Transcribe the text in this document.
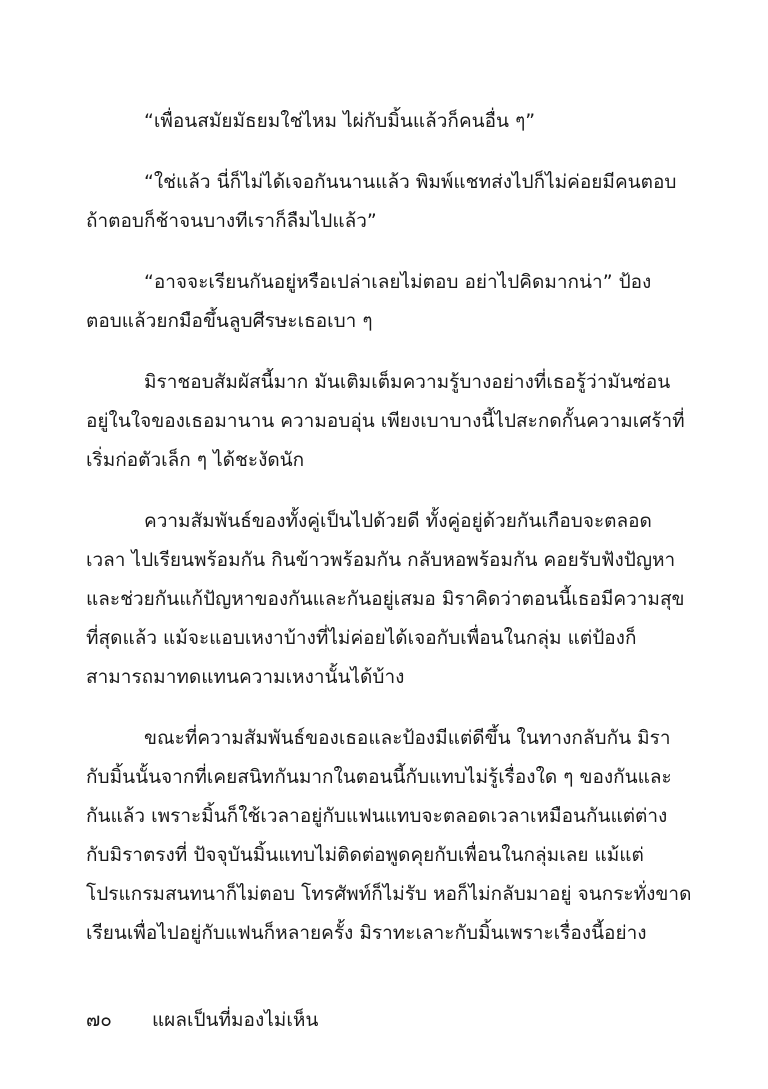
“เพื่อนสมัยมัธยมใช่ไหม ไผ่กับมิ้นแล้วก็คนอื่น ๆ”

“ใช่แล้ว นี่ก็ไม่ได้เจอกันนานแล้ว พิมพ์แชทส่งไปก็ไม่ค่อยมีคนตอบ
ถ้าตอบก็ช้าจนบางทีเราก็ลืมไปแล้ว”

“อาจจะเรียนกันอยู่หรือเปล่าเลยไม่ตอบ อย่าไปคิดมากน่า” ป้อง
ตอบแล้วยกมือขึ้นลูบศีรษะเธอเบา ๆ

มิราชอบสัมผัสนี้มาก มันเติมเต็มความรู้บางอย่างที่เธอรู้ว่ามันซ่อน
อยู่ในใจของเธอมานาน ความอบอุ่น เพียงเบาบางนี้ไปสะกดกั้นความเศร้าที่
เริ่มก่อตัวเล็ก ๆ ได้ชะงัดนัก

ความสัมพันธ์ของทั้งคู่เป็นไปด้วยดี ทั้งคู่อยู่ด้วยกันเกือบจะตลอด
เวลา ไปเรียนพร้อมกัน กินข้าวพร้อมกัน กลับหอพร้อมกัน คอยรับฟังปัญหา
และช่วยกันแก้ปัญหาของกันและกันอยู่เสมอ มิราคิดว่าตอนนี้เธอมีความสุข
ที่สุดแล้ว แม้จะแอบเหงาบ้างที่ไม่ค่อยได้เจอกับเพื่อนในกลุ่ม แต่ป้องก็
สามารถมาทดแทนความเหงานั้นได้บ้าง

ขณะที่ความสัมพันธ์ของเธอและป้องมีแต่ดีขึ้น ในทางกลับกัน มิรา
กับมิ้นนั้นจากที่เคยสนิทกันมากในตอนนี้กับแทบไม่รู้เรื่องใด ๆ ของกันและ
กันแล้ว เพราะมิ้นก็ใช้เวลาอยู่กับแฟนแทบจะตลอดเวลาเหมือนกันแต่ต่าง
กับมิราตรงที่ ปัจจุบันมิ้นแทบไม่ติดต่อพูดคุยกับเพื่อนในกลุ่มเลย แม้แต่
โปรแกรมสนทนาก็ไม่ตอบ โทรศัพท์ก็ไม่รับ หอก็ไม่กลับมาอยู่ จนกระทั่งขาด
เรียนเพื่อไปอยู่กับแฟนก็หลายครั้ง มิราทะเลาะกับมิ้นเพราะเรื่องนี้อย่าง

๗๐ แผลเป็นที่มองไม่เห็น
